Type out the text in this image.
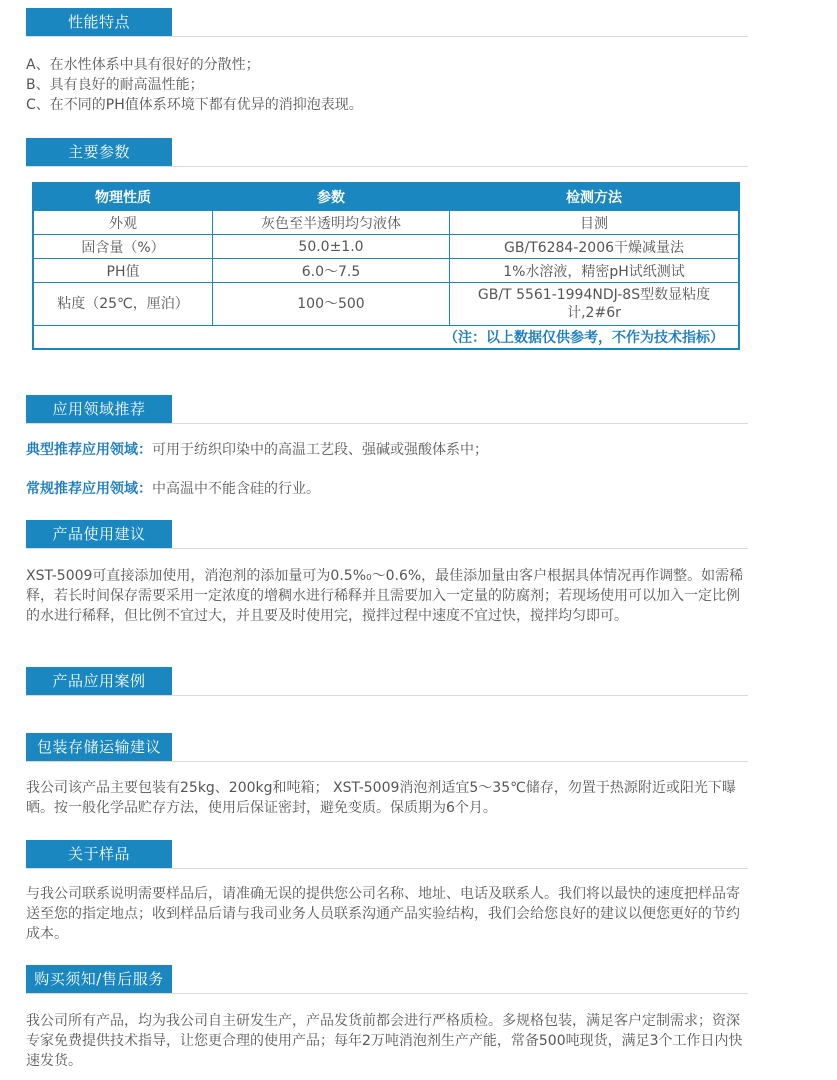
性能特点
A、在水性体系中具有很好的分散性；
B、具有良好的耐高温性能；
C、在不同的PH值体系环境下都有优异的消抑泡表现。
主要参数
物理性质	参数	检测方法
外观	灰色至半透明均匀液体	目测
固含量（%）	50.0±1.0	GB/T6284-2006干燥减量法
PH值	6.0～7.5	1%水溶液，精密pH试纸测试
粘度（25℃，厘泊）	100～500	GB/T 5561-1994NDJ-8S型数显粘度计,2#6r
（注：以上数据仅供参考，不作为技术指标）		
应用领域推荐

典型推荐应用领域：可用于纺织印染中的高温工艺段、强碱或强酸体系中；

常规推荐应用领域：中高温中不能含硅的行业。

产品使用建议

XST-5009可直接添加使用，消泡剂的添加量可为0.5%₀～0.6%，最佳添加量由客户根据具体情况再作调整。如需稀释，若长时间保存需要采用一定浓度的增稠水进行稀释并且需要加入一定量的防腐剂；若现场使用可以加入一定比例的水进行稀释，但比例不宜过大，并且要及时使用完，搅拌过程中速度不宜过快，搅拌均匀即可。

产品应用案例
包装存储运输建议

我公司该产品主要包装有25kg、200kg和吨箱； XST-5009消泡剂适宜5～35℃储存，勿置于热源附近或阳光下曝晒。按一般化学品贮存方法，使用后保证密封，避免变质。保质期为6个月。

关于样品

与我公司联系说明需要样品后，请准确无误的提供您公司名称、地址、电话及联系人。我们将以最快的速度把样品寄送至您的指定地点；收到样品后请与我司业务人员联系沟通产品实验结构，我们会给您良好的建议以便您更好的节约成本。

购买须知/售后服务

我公司所有产品，均为我公司自主研发生产，产品发货前都会进行严格质检。多规格包装，满足客户定制需求；资深专家免费提供技术指导，让您更合理的使用产品；每年2万吨消泡剂生产产能，常备500吨现货，满足3个工作日内快速发货。
